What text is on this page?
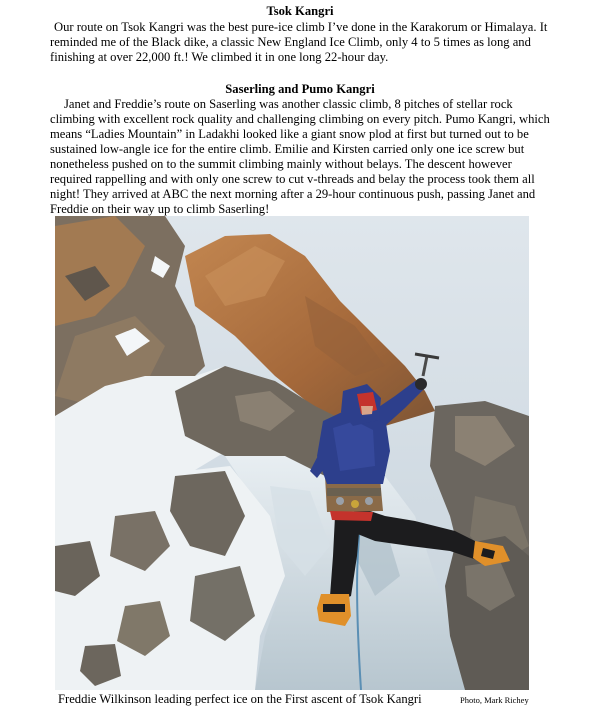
Tsok Kangri

Our route on Tsok Kangri was the best pure-ice climb I’ve done in the Karakorum or Himalaya. It reminded me of the Black dike, a classic New England Ice Climb, only 4 to 5 times as long and finishing at over 22,000 ft.! We climbed it in one long 22-hour day.

Saserling and Pumo Kangri

Janet and Freddie’s route on Saserling was another classic climb, 8 pitches of stellar rock climbing with excellent rock quality and challenging climbing on every pitch. Pumo Kangri, which means “Ladies Mountain” in Ladakhi looked like a giant snow plod at first but turned out to be sustained low-angle ice for the entire climb. Emilie and Kirsten carried only one ice screw but nonetheless pushed on to the summit climbing mainly without belays. The descent however required rappelling and with only one screw to cut v-threads and belay the process took them all night! They arrived at ABC the next morning after a 29-hour continuous push, passing Janet and Freddie on their way up to climb Saserling!

Freddie Wilkinson leading perfect ice on the First ascent of Tsok Kangri	Photo, Mark Richey
